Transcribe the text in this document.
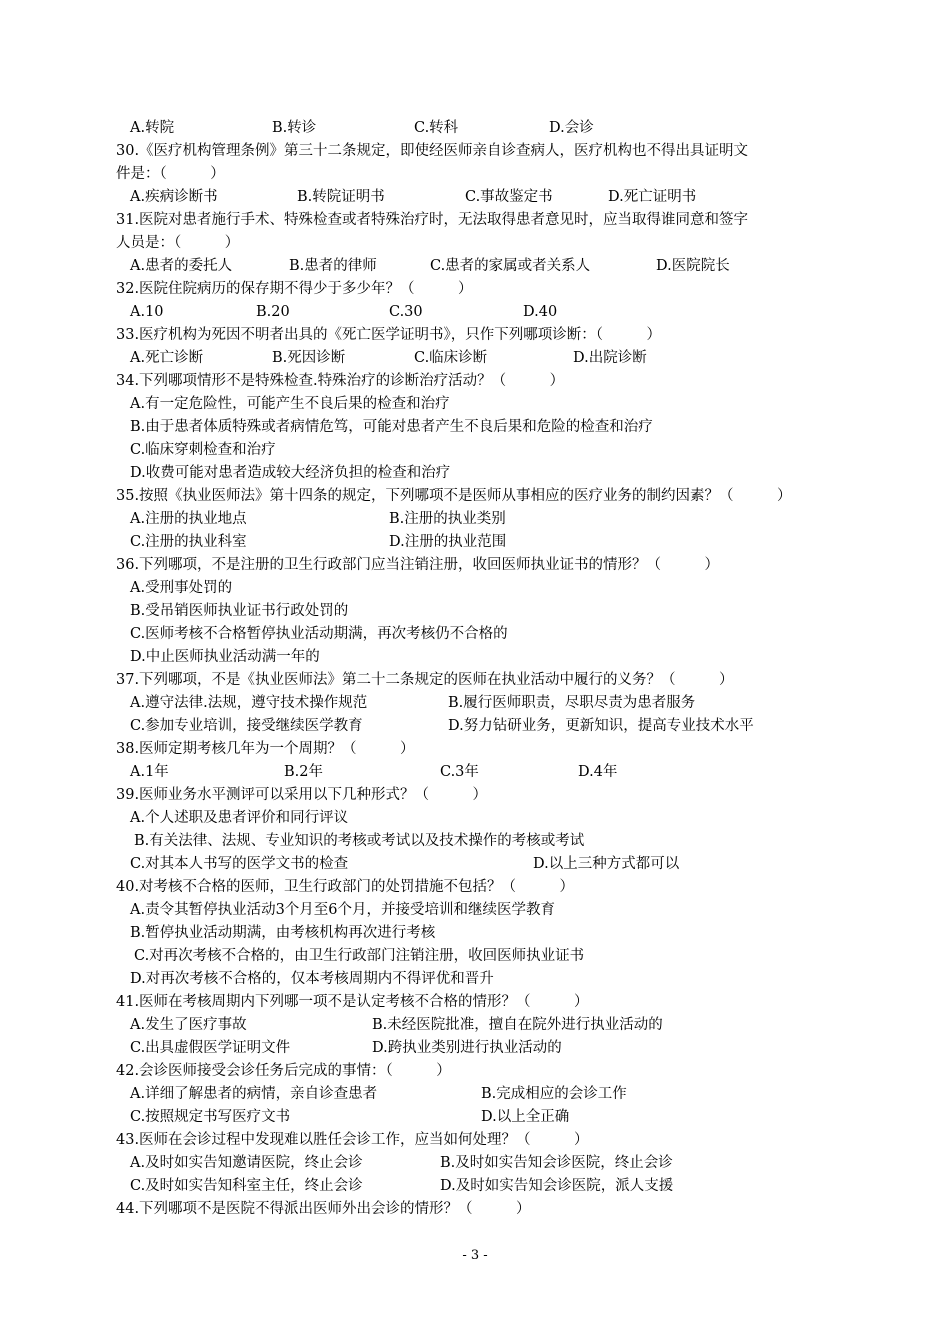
A.转院	B.转诊	C.转科	D.会诊
30.《医疗机构管理条例》第三十二条规定，即使经医师亲自诊查病人，医疗机构也不得出具证明文
件是：（　　　）
A.疾病诊断书	B.转院证明书	C.事故鉴定书	D.死亡证明书
31.医院对患者施行手术、特殊检查或者特殊治疗时，无法取得患者意见时，应当取得谁同意和签字
人员是：（　　　）
A.患者的委托人	B.患者的律师	C.患者的家属或者关系人	D.医院院长
32.医院住院病历的保存期不得少于多少年？（　　　）
A.10	B.20	C.30	D.40
33.医疗机构为死因不明者出具的《死亡医学证明书》，只作下列哪项诊断：（　　　）
A.死亡诊断	B.死因诊断	C.临床诊断	D.出院诊断
34.下列哪项情形不是特殊检查.特殊治疗的诊断治疗活动？（　　　）
A.有一定危险性，可能产生不良后果的检查和治疗
B.由于患者体质特殊或者病情危笃，可能对患者产生不良后果和危险的检查和治疗
C.临床穿刺检查和治疗
D.收费可能对患者造成较大经济负担的检查和治疗
35.按照《执业医师法》第十四条的规定，下列哪项不是医师从事相应的医疗业务的制约因素？（　　　）
A.注册的执业地点	B.注册的执业类别
C.注册的执业科室	D.注册的执业范围
36.下列哪项，不是注册的卫生行政部门应当注销注册，收回医师执业证书的情形？（　　　）
A.受刑事处罚的
B.受吊销医师执业证书行政处罚的
C.医师考核不合格暂停执业活动期满，再次考核仍不合格的
D.中止医师执业活动满一年的
37.下列哪项，不是《执业医师法》第二十二条规定的医师在执业活动中履行的义务？（　　　）
A.遵守法律.法规，遵守技术操作规范	B.履行医师职责，尽职尽责为患者服务
C.参加专业培训，接受继续医学教育	D.努力钻研业务，更新知识，提高专业技术水平
38.医师定期考核几年为一个周期？（　　　）
A.1年	B.2年	C.3年	D.4年
39.医师业务水平测评可以采用以下几种形式？（　　　）
A.个人述职及患者评价和同行评议
B.有关法律、法规、专业知识的考核或考试以及技术操作的考核或考试
C.对其本人书写的医学文书的检查	D.以上三种方式都可以
40.对考核不合格的医师，卫生行政部门的处罚措施不包括？（　　　）
A.责令其暂停执业活动3个月至6个月，并接受培训和继续医学教育
B.暂停执业活动期满，由考核机构再次进行考核
C.对再次考核不合格的，由卫生行政部门注销注册，收回医师执业证书
D.对再次考核不合格的，仅本考核周期内不得评优和晋升
41.医师在考核周期内下列哪一项不是认定考核不合格的情形？（　　　）
A.发生了医疗事故	B.未经医院批准，擅自在院外进行执业活动的
C.出具虚假医学证明文件	D.跨执业类别进行执业活动的
42.会诊医师接受会诊任务后完成的事情：（　　　）
A.详细了解患者的病情，亲自诊查患者	B.完成相应的会诊工作
C.按照规定书写医疗文书	D.以上全正确
43.医师在会诊过程中发现难以胜任会诊工作，应当如何处理？（　　　）
A.及时如实告知邀请医院，终止会诊	B.及时如实告知会诊医院，终止会诊
C.及时如实告知科室主任，终止会诊	D.及时如实告知会诊医院，派人支援
44.下列哪项不是医院不得派出医师外出会诊的情形？（　　　）
- 3 -
